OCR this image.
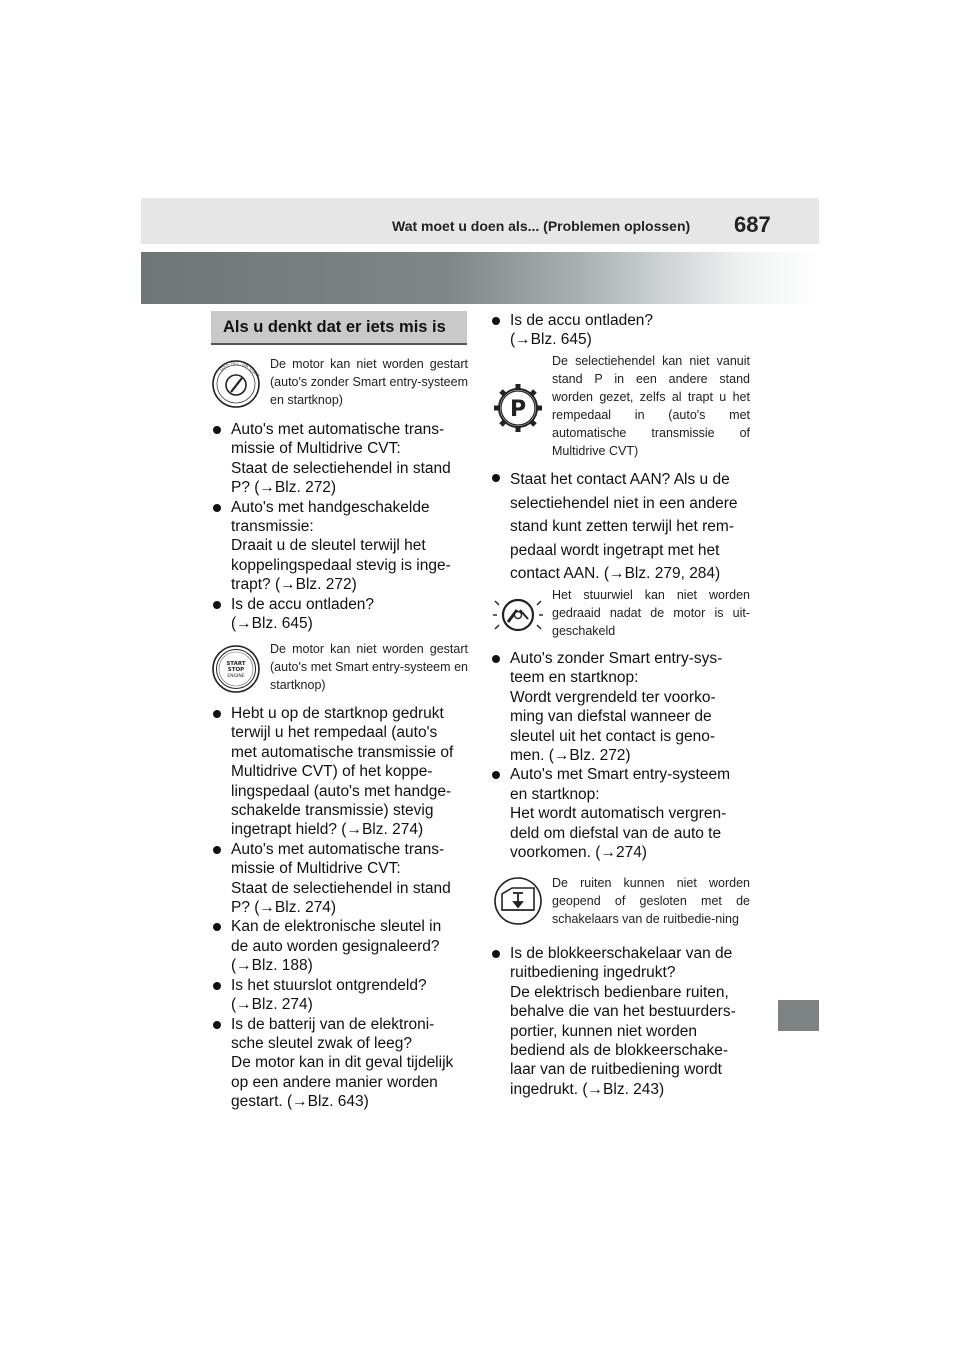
Wat moet u doen als... (Problemen oplossen) 687
Als u denkt dat er iets mis is
LOCK ACC ON
START
De motor kan niet worden gestart (auto's zonder Smart entry-systeem en startknop)
Auto's met automatische trans-
missie of Multidrive CVT:
Staat de selectiehendel in stand
P? (→Blz. 272)
Auto's met handgeschakelde
transmissie:
Draait u de sleutel terwijl het
koppelingspedaal stevig is inge-
trapt? (→Blz. 272)
Is de accu ontladen?
(→Blz. 645)
START
STOP
ENGINE
De motor kan niet worden gestart (auto's met Smart entry-systeem en startknop)
Hebt u op de startknop gedrukt
terwijl u het rempedaal (auto's
met automatische transmissie of
Multidrive CVT) of het koppe-
lingspedaal (auto's met handge-
schakelde transmissie) stevig
ingetrapt hield? (→Blz. 274)
Auto's met automatische trans-
missie of Multidrive CVT:
Staat de selectiehendel in stand
P? (→Blz. 274)
Kan de elektronische sleutel in
de auto worden gesignaleerd?
(→Blz. 188)
Is het stuurslot ontgrendeld?
(→Blz. 274)
Is de batterij van de elektroni-
sche sleutel zwak of leeg?
De motor kan in dit geval tijdelijk
op een andere manier worden
gestart. (→Blz. 643)
Is de accu ontladen?
(→Blz. 645)
P
De selectiehendel kan niet vanuit stand P in een andere stand worden gezet, zelfs al trapt u het rempedaal in (auto's met automatische transmissie of Multidrive CVT)
Staat het contact AAN? Als u de
selectiehendel niet in een andere
stand kunt zetten terwijl het rem-
pedaal wordt ingetrapt met het
contact AAN. (→Blz. 279, 284)
Het stuurwiel kan niet worden gedraaid nadat de motor is uit-geschakeld
Auto's zonder Smart entry-sys-
teem en startknop:
Wordt vergrendeld ter voorko-
ming van diefstal wanneer de
sleutel uit het contact is geno-
men. (→Blz. 272)
Auto's met Smart entry-systeem
en startknop:
Het wordt automatisch vergren-
deld om diefstal van de auto te
voorkomen. (→274)
De ruiten kunnen niet worden geopend of gesloten met de schakelaars van de ruitbedie-ning
Is de blokkeerschakelaar van de
ruitbediening ingedrukt?
De elektrisch bedienbare ruiten,
behalve die van het bestuurders-
portier, kunnen niet worden
bediend als de blokkeerschake-
laar van de ruitbediening wordt
ingedrukt. (→Blz. 243)
